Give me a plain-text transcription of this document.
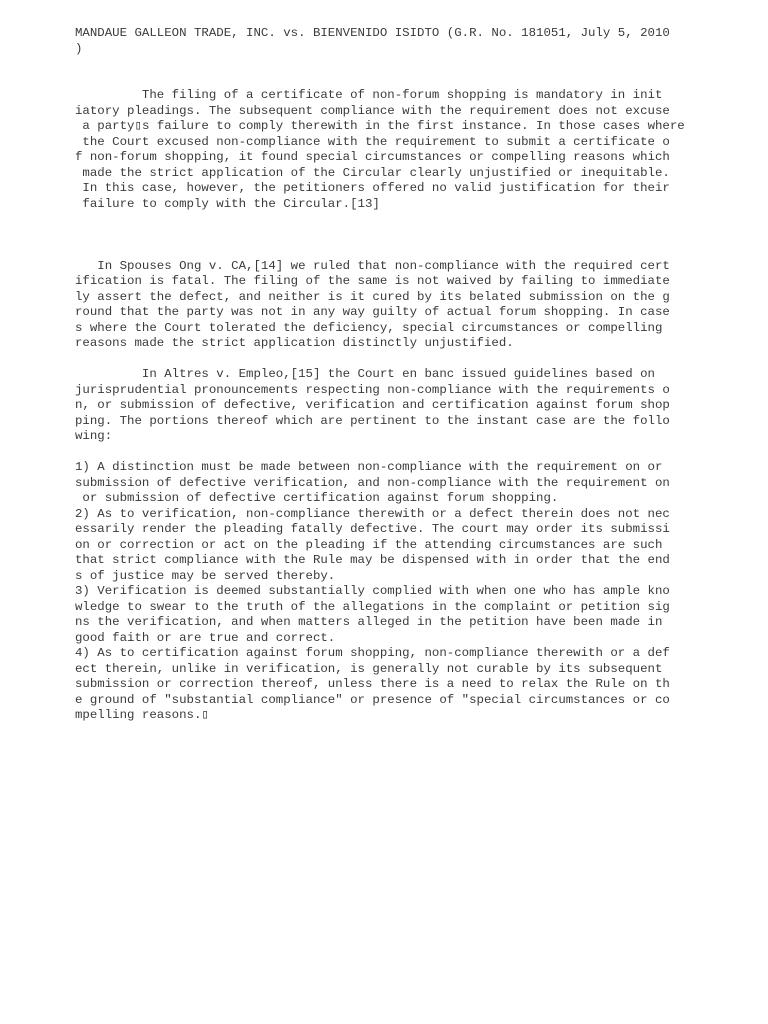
MANDAUE GALLEON TRADE, INC. vs. BIENVENIDO ISIDTO (G.R. No. 181051, July 5, 2010
)

The filing of a certificate of non-forum shopping is mandatory in init
iatory pleadings. The subsequent compliance with the requirement does not excuse
a party▯s failure to comply therewith in the first instance. In those cases where
the Court excused non-compliance with the requirement to submit a certificate o
f non-forum shopping, it found special circumstances or compelling reasons which
made the strict application of the Circular clearly unjustified or inequitable.
In this case, however, the petitioners offered no valid justification for their
failure to comply with the Circular.[13]

In Spouses Ong v. CA,[14] we ruled that non-compliance with the required cert
ification is fatal. The filing of the same is not waived by failing to immediate
ly assert the defect, and neither is it cured by its belated submission on the g
round that the party was not in any way guilty of actual forum shopping. In case
s where the Court tolerated the deficiency, special circumstances or compelling
reasons made the strict application distinctly unjustified.

In Altres v. Empleo,[15] the Court en banc issued guidelines based on
jurisprudential pronouncements respecting non-compliance with the requirements o
n, or submission of defective, verification and certification against forum shop
ping. The portions thereof which are pertinent to the instant case are the follo
wing:

1) A distinction must be made between non-compliance with the requirement on or
submission of defective verification, and non-compliance with the requirement on
or submission of defective certification against forum shopping.
2) As to verification, non-compliance therewith or a defect therein does not nec
essarily render the pleading fatally defective. The court may order its submissi
on or correction or act on the pleading if the attending circumstances are such
that strict compliance with the Rule may be dispensed with in order that the end
s of justice may be served thereby.
3) Verification is deemed substantially complied with when one who has ample kno
wledge to swear to the truth of the allegations in the complaint or petition sig
ns the verification, and when matters alleged in the petition have been made in
good faith or are true and correct.
4) As to certification against forum shopping, non-compliance therewith or a def
ect therein, unlike in verification, is generally not curable by its subsequent
submission or correction thereof, unless there is a need to relax the Rule on th
e ground of "substantial compliance" or presence of "special circumstances or co
mpelling reasons.▯
